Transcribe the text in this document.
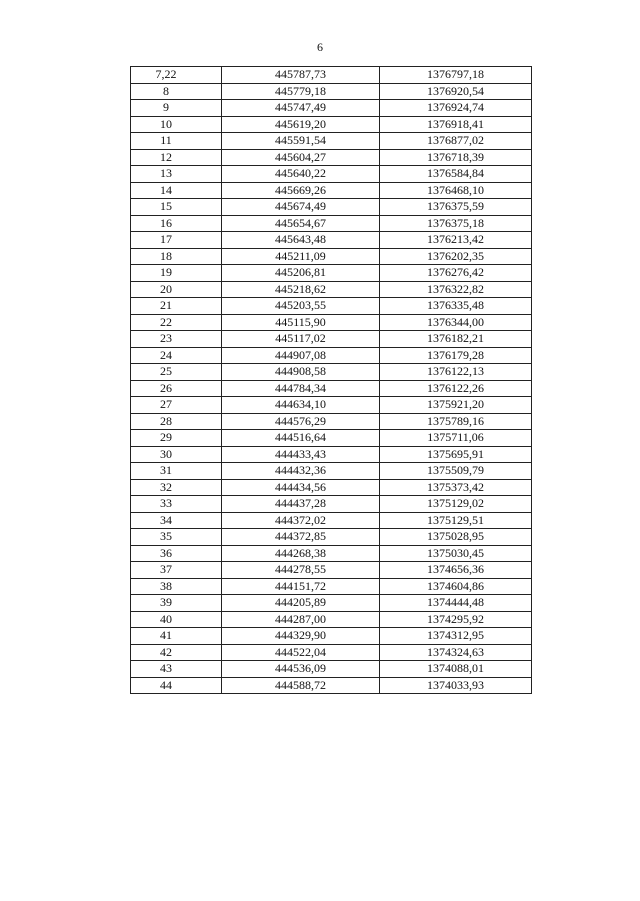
6
7,22	445787,73	1376797,18
8	445779,18	1376920,54
9	445747,49	1376924,74
10	445619,20	1376918,41
11	445591,54	1376877,02
12	445604,27	1376718,39
13	445640,22	1376584,84
14	445669,26	1376468,10
15	445674,49	1376375,59
16	445654,67	1376375,18
17	445643,48	1376213,42
18	445211,09	1376202,35
19	445206,81	1376276,42
20	445218,62	1376322,82
21	445203,55	1376335,48
22	445115,90	1376344,00
23	445117,02	1376182,21
24	444907,08	1376179,28
25	444908,58	1376122,13
26	444784,34	1376122,26
27	444634,10	1375921,20
28	444576,29	1375789,16
29	444516,64	1375711,06
30	444433,43	1375695,91
31	444432,36	1375509,79
32	444434,56	1375373,42
33	444437,28	1375129,02
34	444372,02	1375129,51
35	444372,85	1375028,95
36	444268,38	1375030,45
37	444278,55	1374656,36
38	444151,72	1374604,86
39	444205,89	1374444,48
40	444287,00	1374295,92
41	444329,90	1374312,95
42	444522,04	1374324,63
43	444536,09	1374088,01
44	444588,72	1374033,93
